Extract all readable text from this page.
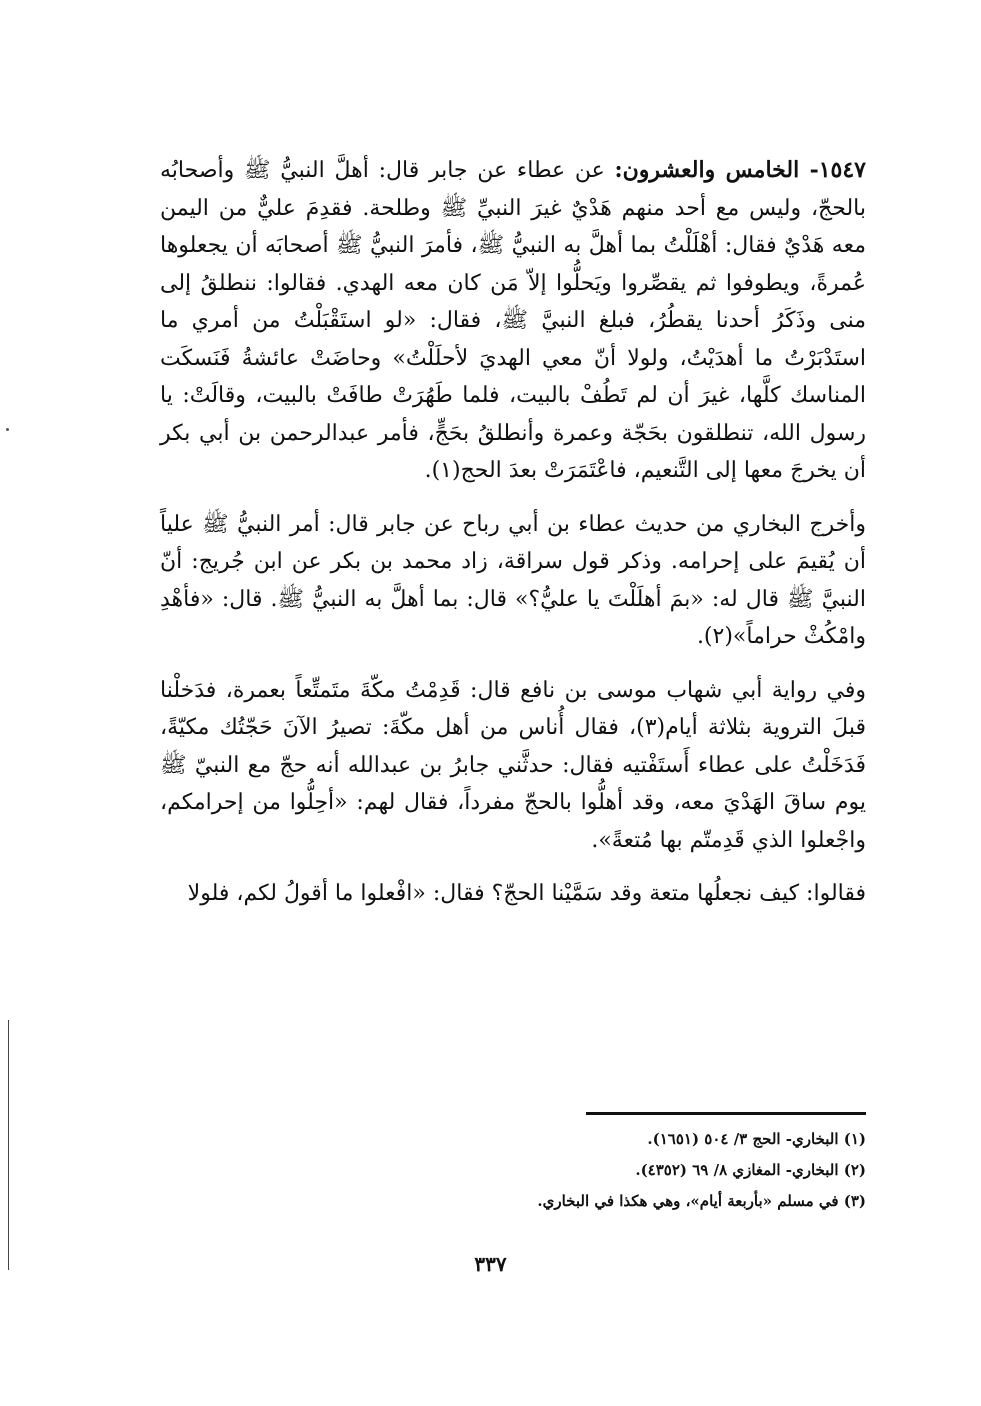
١٥٤٧- الخامس والعشرون: عن عطاء عن جابر قال: أهلَّ النبيُّ ﷺ وأصحابُه بالحجّ، وليس مع أحد منهم هَدْيٌ غيرَ النبيِّ ﷺ وطلحة. فقدِمَ عليٌّ من اليمن معه هَدْيٌ فقال: أهْلَلْتُ بما أهلَّ به النبيُّ ﷺ، فأمرَ النبيُّ ﷺ أصحابَه أن يجعلوها عُمرةً، ويطوفوا ثم يقصِّروا ويَحلُّوا إلاّ مَن كان معه الهدي. فقالوا: ننطلقُ إلى منى وذَكَرُ أحدنا يقطُرُ، فبلغ النبيَّ ﷺ، فقال: «لو استَقْبَلْتُ من أمري ما استَدْبَرْتُ ما أهدَيْتُ، ولولا أنّ معي الهديَ لأحلَلْتُ» وحاضَتْ عائشةُ فَنَسكَت المناسك كلَّها، غيرَ أن لم تَطُفْ بالبيت، فلما طَهُرَتْ طافَتْ بالبيت، وقالَتْ: يا رسول الله، تنطلقون بحَجّة وعمرة وأنطلقُ بحَجٍّ، فأمر عبدالرحمن بن أبي بكر أن يخرجَ معها إلى التَّنعيم، فاعْتَمَرَتْ بعدَ الحج(١).

وأخرج البخاري من حديث عطاء بن أبي رباح عن جابر قال: أمر النبيُّ ﷺ علياً أن يُقيمَ على إحرامه. وذكر قول سراقة، زاد محمد بن بكر عن ابن جُريج: أنّ النبيَّ ﷺ قال له: «بمَ أهلَلْتَ يا عليُّ؟» قال: بما أهلَّ به النبيُّ ﷺ. قال: «فأهْدِ وامْكُثْ حراماً»(٢).

وفي رواية أبي شهاب موسى بن نافع قال: قَدِمْتُ مكّةَ متَمتِّعاً بعمرة، فدَخلْنا قبلَ التروية بثلاثة أيام(٣)، فقال أُناس من أهل مكّةَ: تصيرُ الآنَ حَجّتُك مكيّةً، فَدَخَلْتُ على عطاء أَستَفْتيه فقال: حدثَّني جابرُ بن عبدالله أنه حجّ مع النبيّ ﷺ يوم ساقَ الهَدْيَ معه، وقد أهلُّوا بالحجّ مفرداً، فقال لهم: «أحِلُّوا من إحرامكم، واجْعلوا الذي قَدِمتّم بها مُتعةً».

فقالوا: كيف نجعلُها متعة وقد سَمَّيْنا الحجّ؟ فقال: «افْعلوا ما أقولُ لكم، فلولا

(١) البخاري- الحج ٣/ ٥٠٤ (١٦٥١).

(٢) البخاري- المغازي ٨/ ٦٩ (٤٣٥٢).

(٣) في مسلم «بأربعة أيام»، وهي هكذا في البخاري.

٣٣٧
